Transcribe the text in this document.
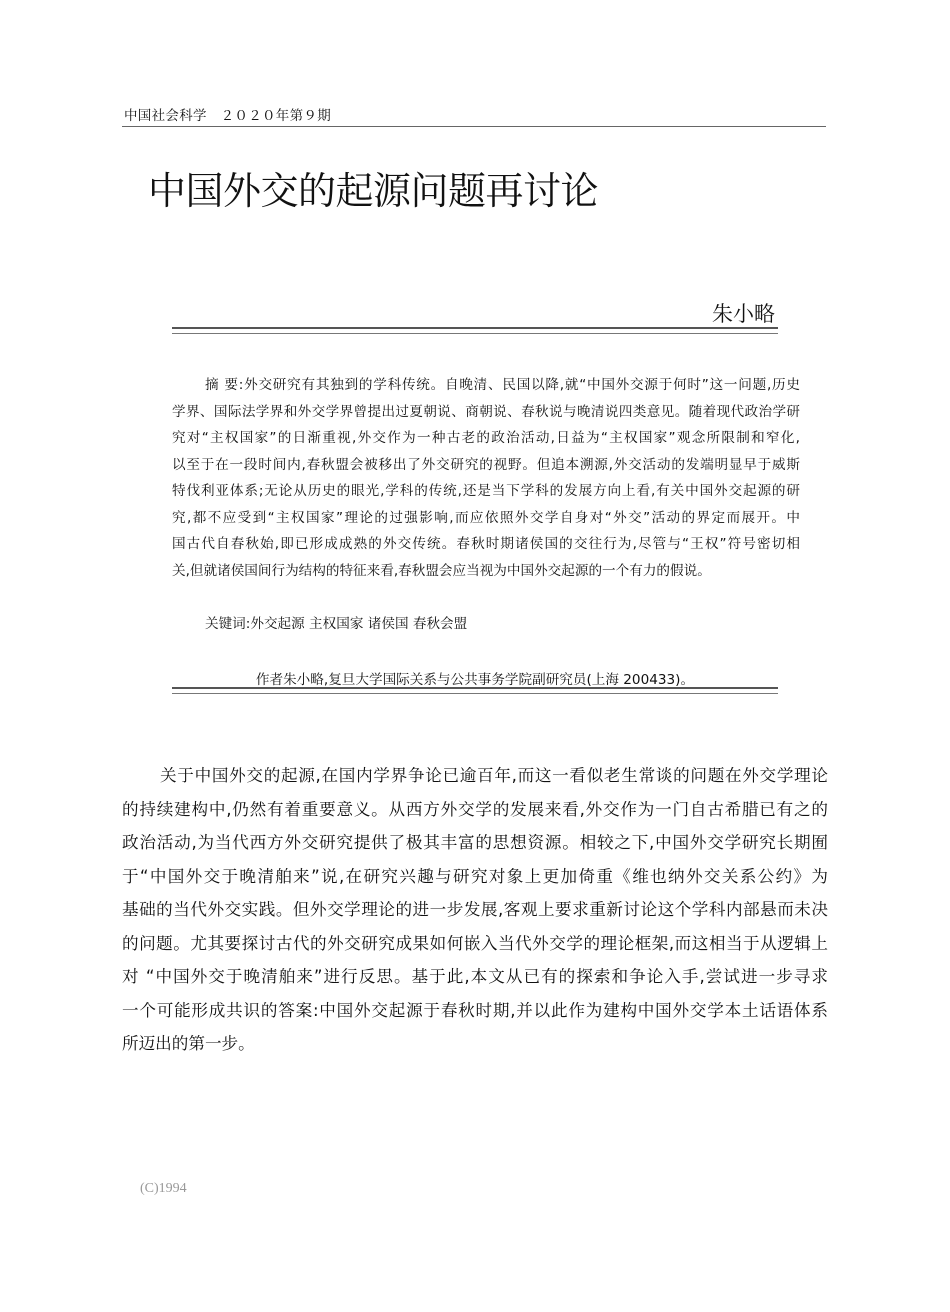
中国社会科学　２０２０年第９期
中国外交的起源问题再讨论
朱小略
摘 要:外交研究有其独到的学科传统。自晚清、民国以降,就“中国外交源于何时”这一问题,历史
学界、国际法学界和外交学界曾提出过夏朝说、商朝说、春秋说与晚清说四类意见。随着现代政治学研
究对“主权国家”的日渐重视,外交作为一种古老的政治活动,日益为“主权国家”观念所限制和窄化,
以至于在一段时间内,春秋盟会被移出了外交研究的视野。但追本溯源,外交活动的发端明显早于威斯
特伐利亚体系;无论从历史的眼光,学科的传统,还是当下学科的发展方向上看,有关中国外交起源的研
究,都不应受到“主权国家”理论的过强影响,而应依照外交学自身对“外交”活动的界定而展开。中
国古代自春秋始,即已形成成熟的外交传统。春秋时期诸侯国的交往行为,尽管与“王权”符号密切相
关,但就诸侯国间行为结构的特征来看,春秋盟会应当视为中国外交起源的一个有力的假说。
关键词:外交起源 主权国家 诸侯国 春秋会盟
作者朱小略,复旦大学国际关系与公共事务学院副研究员(上海 200433)。
关于中国外交的起源,在国内学界争论已逾百年,而这一看似老生常谈的问题在外交学理论
的持续建构中,仍然有着重要意义。从西方外交学的发展来看,外交作为一门自古希腊已有之的
政治活动,为当代西方外交研究提供了极其丰富的思想资源。相较之下,中国外交学研究长期囿
于“中国外交于晚清舶来”说,在研究兴趣与研究对象上更加倚重《维也纳外交关系公约》为
基础的当代外交实践。但外交学理论的进一步发展,客观上要求重新讨论这个学科内部悬而未决
的问题。尤其要探讨古代的外交研究成果如何嵌入当代外交学的理论框架,而这相当于从逻辑上
对 “中国外交于晚清舶来”进行反思。基于此,本文从已有的探索和争论入手,尝试进一步寻求
一个可能形成共识的答案:中国外交起源于春秋时期,并以此作为建构中国外交学本土话语体系
所迈出的第一步。
(C)1994
